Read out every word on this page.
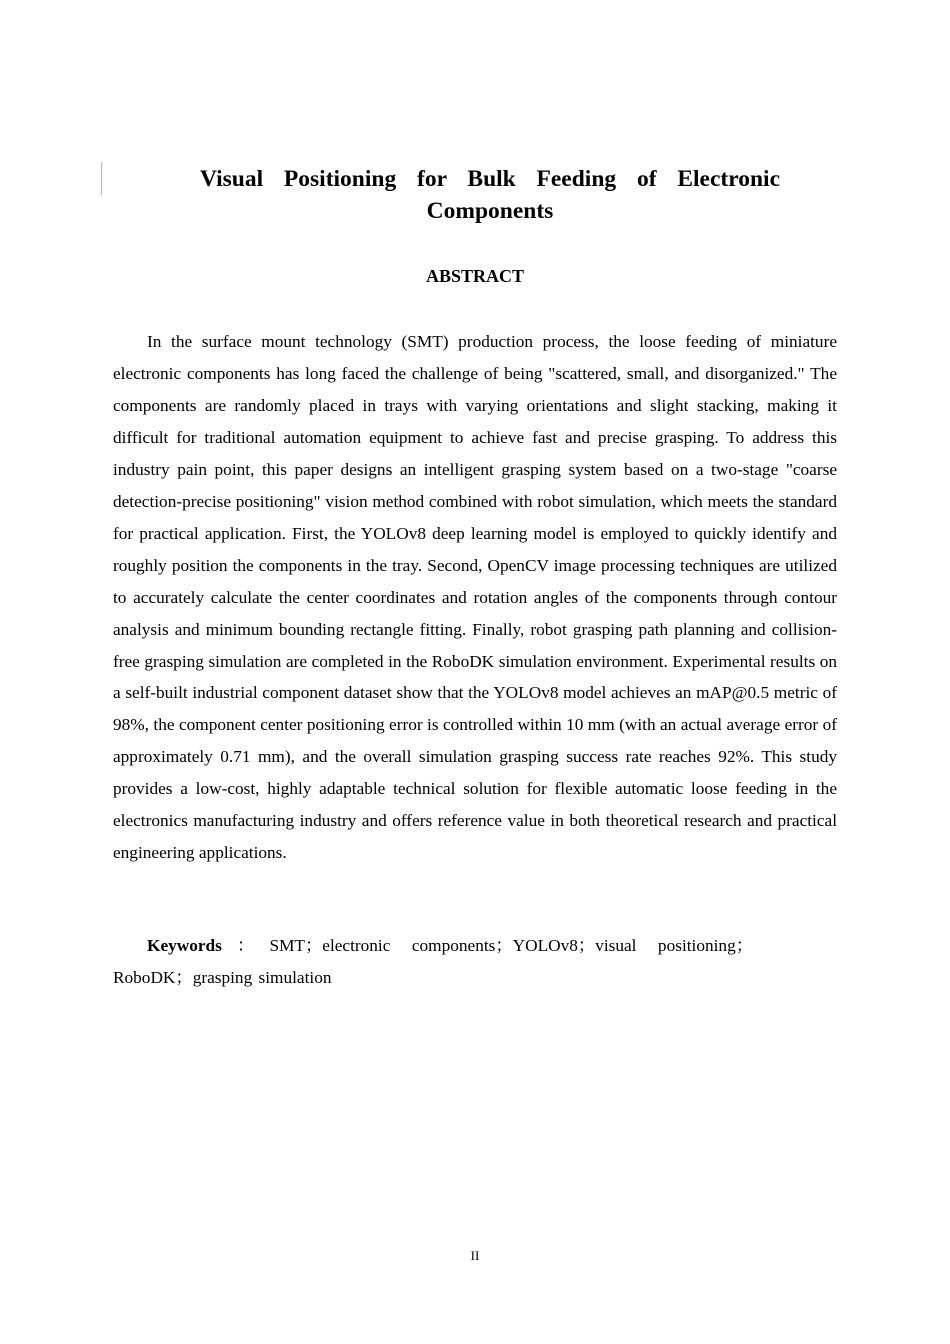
Visual Positioning for Bulk Feeding of Electronic Components
ABSTRACT

In the surface mount technology (SMT) production process, the loose feeding of miniature electronic components has long faced the challenge of being "scattered, small, and disorganized." The components are randomly placed in trays with varying orientations and slight stacking, making it difficult for traditional automation equipment to achieve fast and precise grasping. To address this industry pain point, this paper designs an intelligent grasping system based on a two-stage "coarse detection-precise positioning" vision method combined with robot simulation, which meets the standard for practical application. First, the YOLOv8 deep learning model is employed to quickly identify and roughly position the components in the tray. Second, OpenCV image processing techniques are utilized to accurately calculate the center coordinates and rotation angles of the components through contour analysis and minimum bounding rectangle fitting. Finally, robot grasping path planning and collision-free grasping simulation are completed in the RoboDK simulation environment. Experimental results on a self-built industrial component dataset show that the YOLOv8 model achieves an mAP@0.5 metric of 98%, the component center positioning error is controlled within 10 mm (with an actual average error of approximately 0.71 mm), and the overall simulation grasping success rate reaches 92%. This study provides a low-cost, highly adaptable technical solution for flexible automatic loose feeding in the electronics manufacturing industry and offers reference value in both theoretical research and practical engineering applications.

Keywords：SMT；electronic components；YOLOv8；visual positioning；RoboDK；grasping simulation

II
